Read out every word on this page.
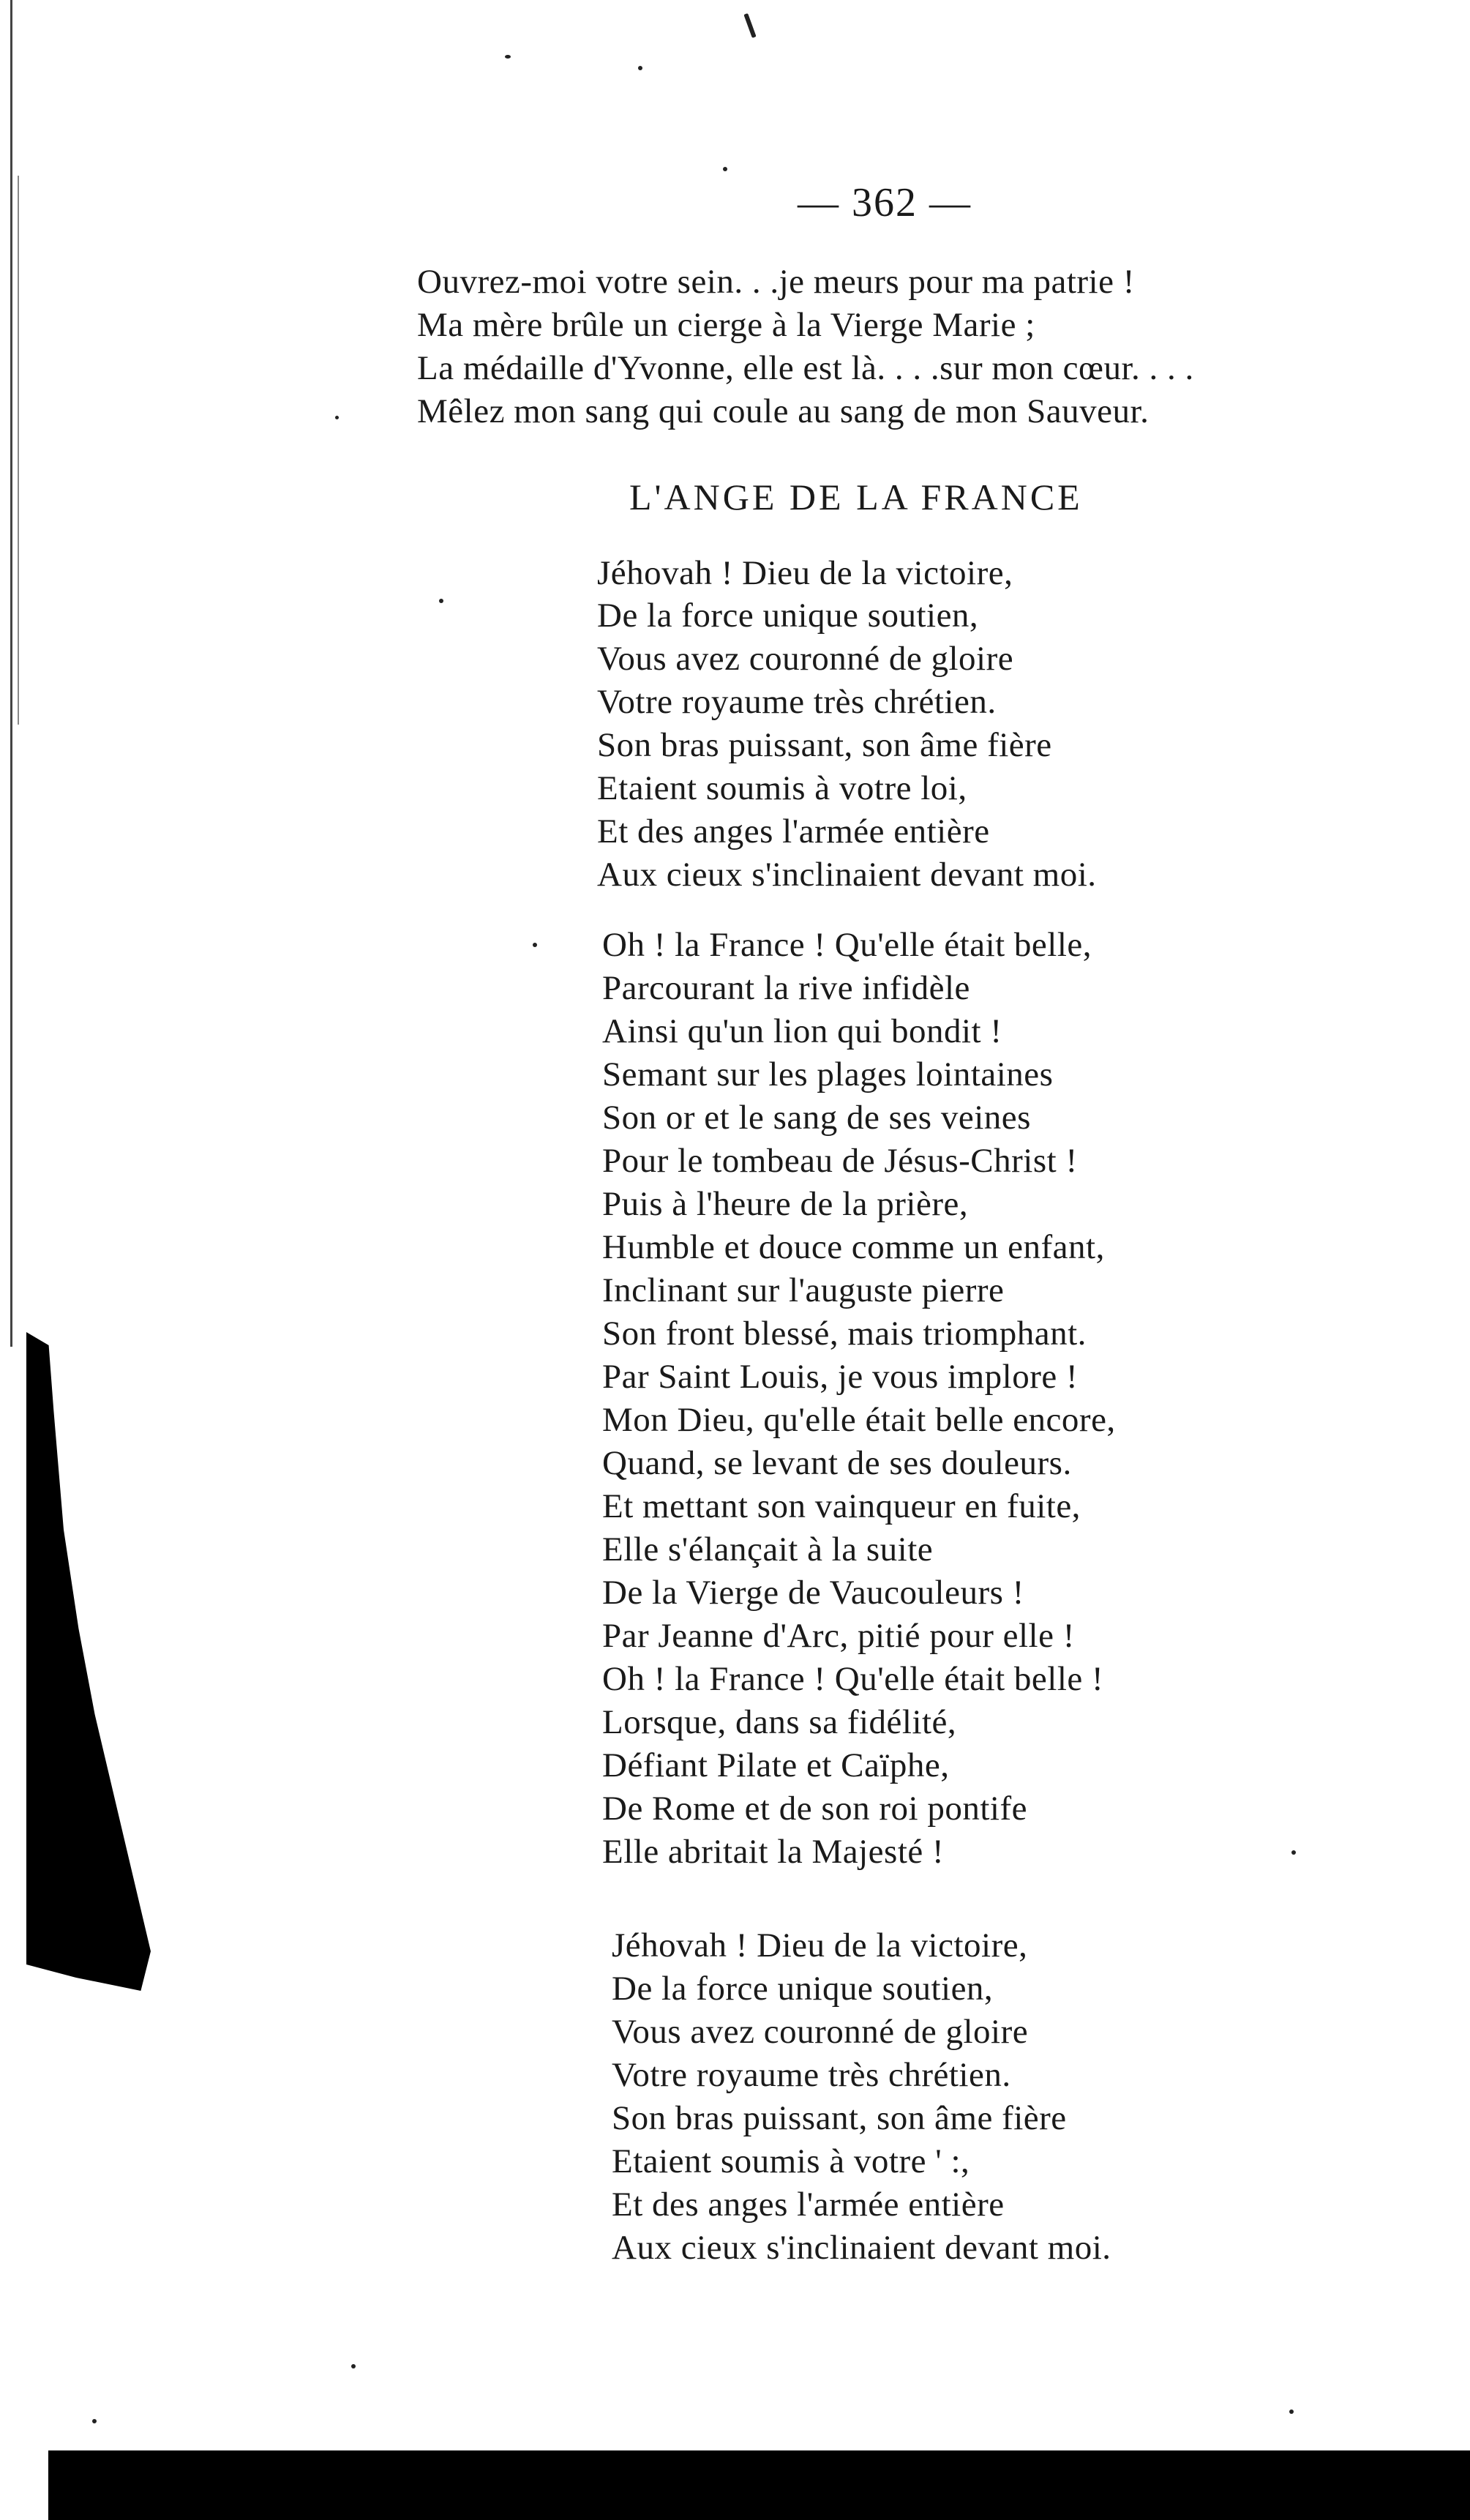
— 362 —
Ouvrez-moi votre sein. . .je meurs pour ma patrie !
Ma mère brûle un cierge à la Vierge Marie ;
La médaille d'Yvonne, elle est là. . . .sur mon cœur. . . .
Mêlez mon sang qui coule au sang de mon Sauveur.
L'ANGE DE LA FRANCE
Jéhovah ! Dieu de la victoire,
De la force unique soutien,
Vous avez couronné de gloire
Votre royaume très chrétien.
Son bras puissant, son âme fière
Etaient soumis à votre loi,
Et des anges l'armée entière
Aux cieux s'inclinaient devant moi.
Oh ! la France ! Qu'elle était belle,
Parcourant la rive infidèle
Ainsi qu'un lion qui bondit !
Semant sur les plages lointaines
Son or et le sang de ses veines
Pour le tombeau de Jésus-Christ !
Puis à l'heure de la prière,
Humble et douce comme un enfant,
Inclinant sur l'auguste pierre
Son front blessé, mais triomphant.
Par Saint Louis, je vous implore !
Mon Dieu, qu'elle était belle encore,
Quand, se levant de ses douleurs.
Et mettant son vainqueur en fuite,
Elle s'élançait à la suite
De la Vierge de Vaucouleurs !
Par Jeanne d'Arc, pitié pour elle !
Oh ! la France ! Qu'elle était belle !
Lorsque, dans sa fidélité,
Défiant Pilate et Caïphe,
De Rome et de son roi pontife
Elle abritait la Majesté !
Jéhovah ! Dieu de la victoire,
De la force unique soutien,
Vous avez couronné de gloire
Votre royaume très chrétien.
Son bras puissant, son âme fière
Etaient soumis à votre ' :,
Et des anges l'armée entière
Aux cieux s'inclinaient devant moi.
